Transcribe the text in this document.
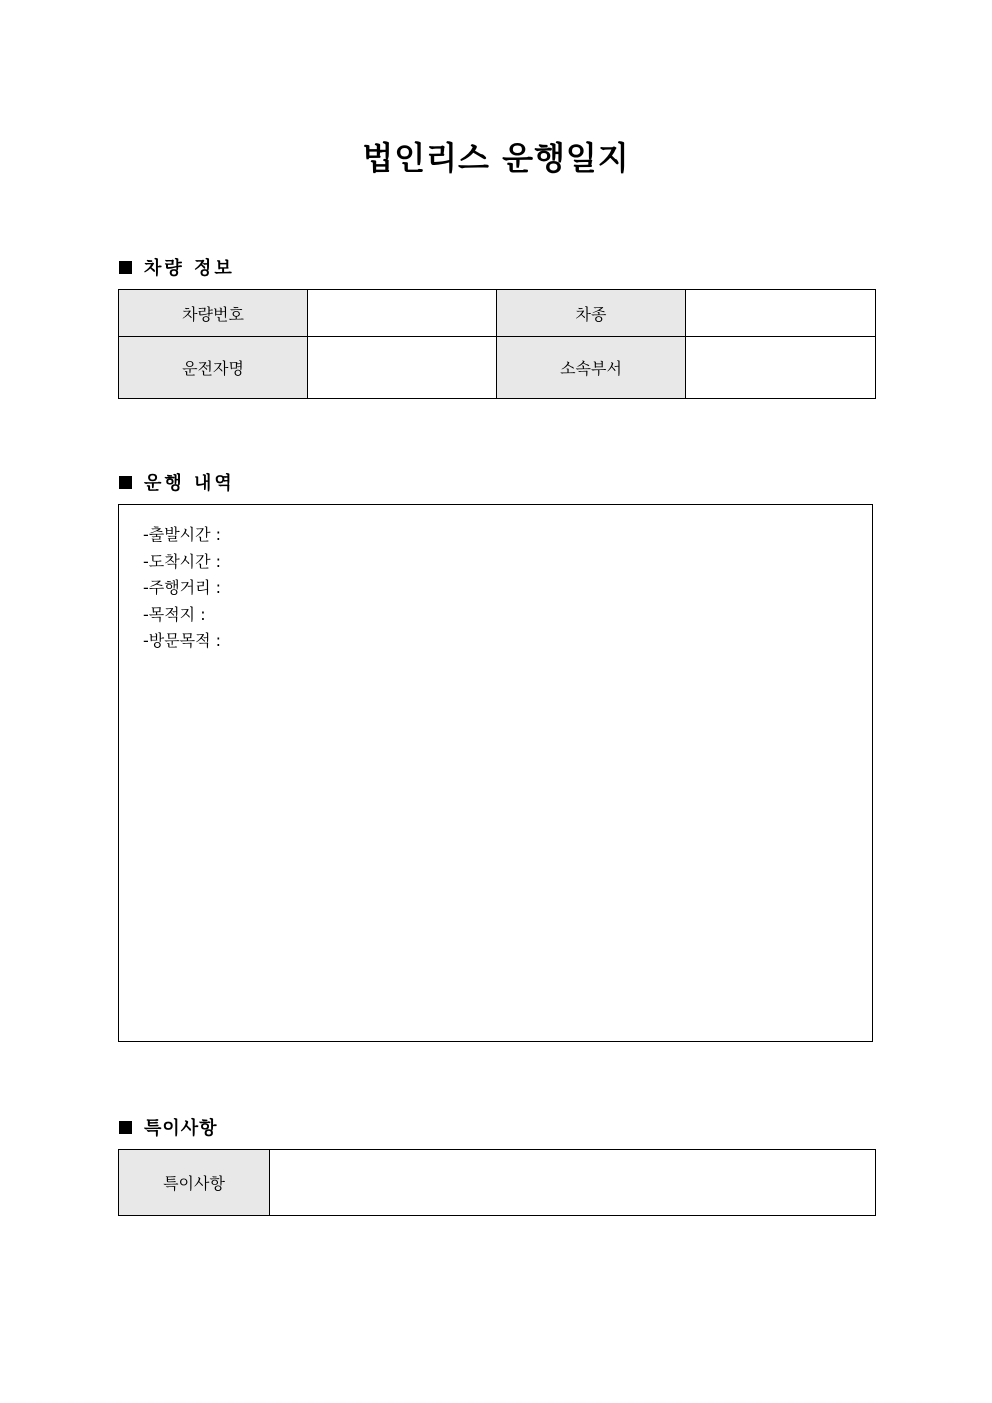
법인리스 운행일지
차량 정보
차량번호		차종	
운전자명		소속부서	
운행 내역
-출발시간 :
-도착시간 :
-주행거리 :
-목적지 :
-방문목적 :
특이사항
특이사항	
